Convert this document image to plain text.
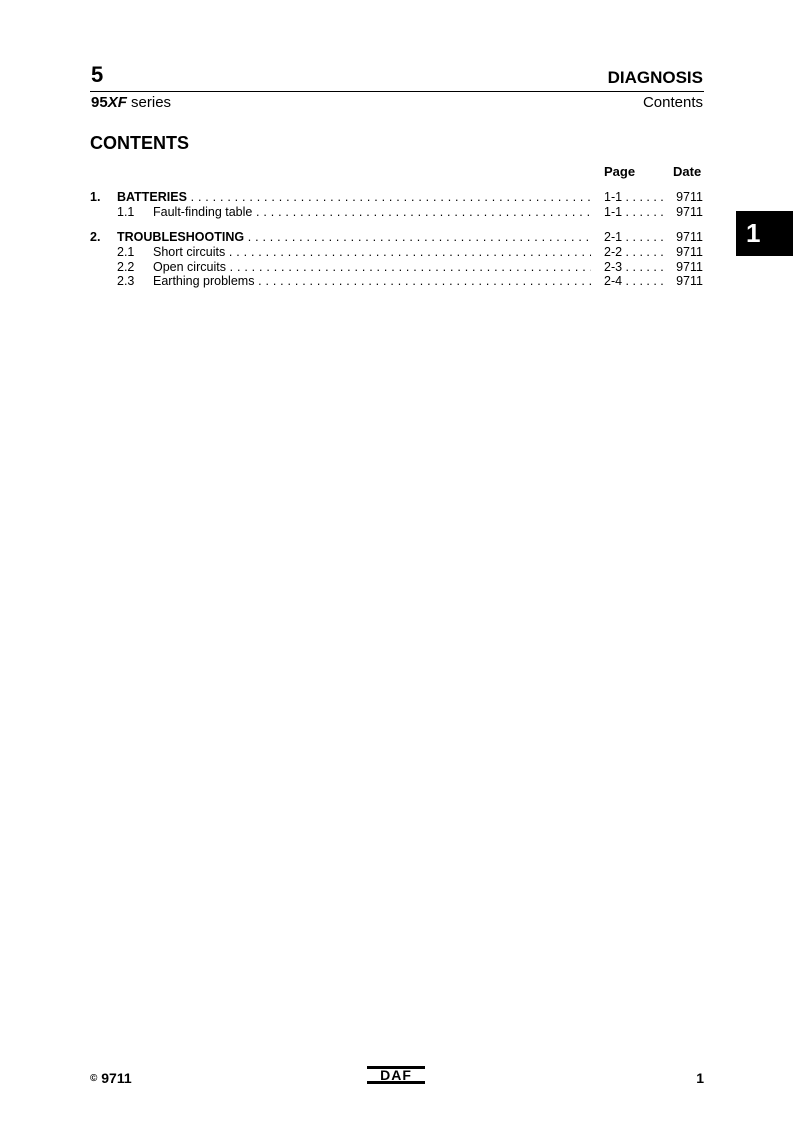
5	DIAGNOSIS
95XF series	Contents
CONTENTS
Page	Date
1. BATTERIES . . .	1-1 . . .	9711
1.1 Fault-finding table . . .	1-1 . . .	9711
2. TROUBLESHOOTING . . .	2-1 . . .	9711
2.1 Short circuits . . .	2-2 . . .	9711
2.2 Open circuits . . .	2-3 . . .	9711
2.3 Earthing problems . . .	2-4 . . .	9711
1
© 9711	DAF	1
